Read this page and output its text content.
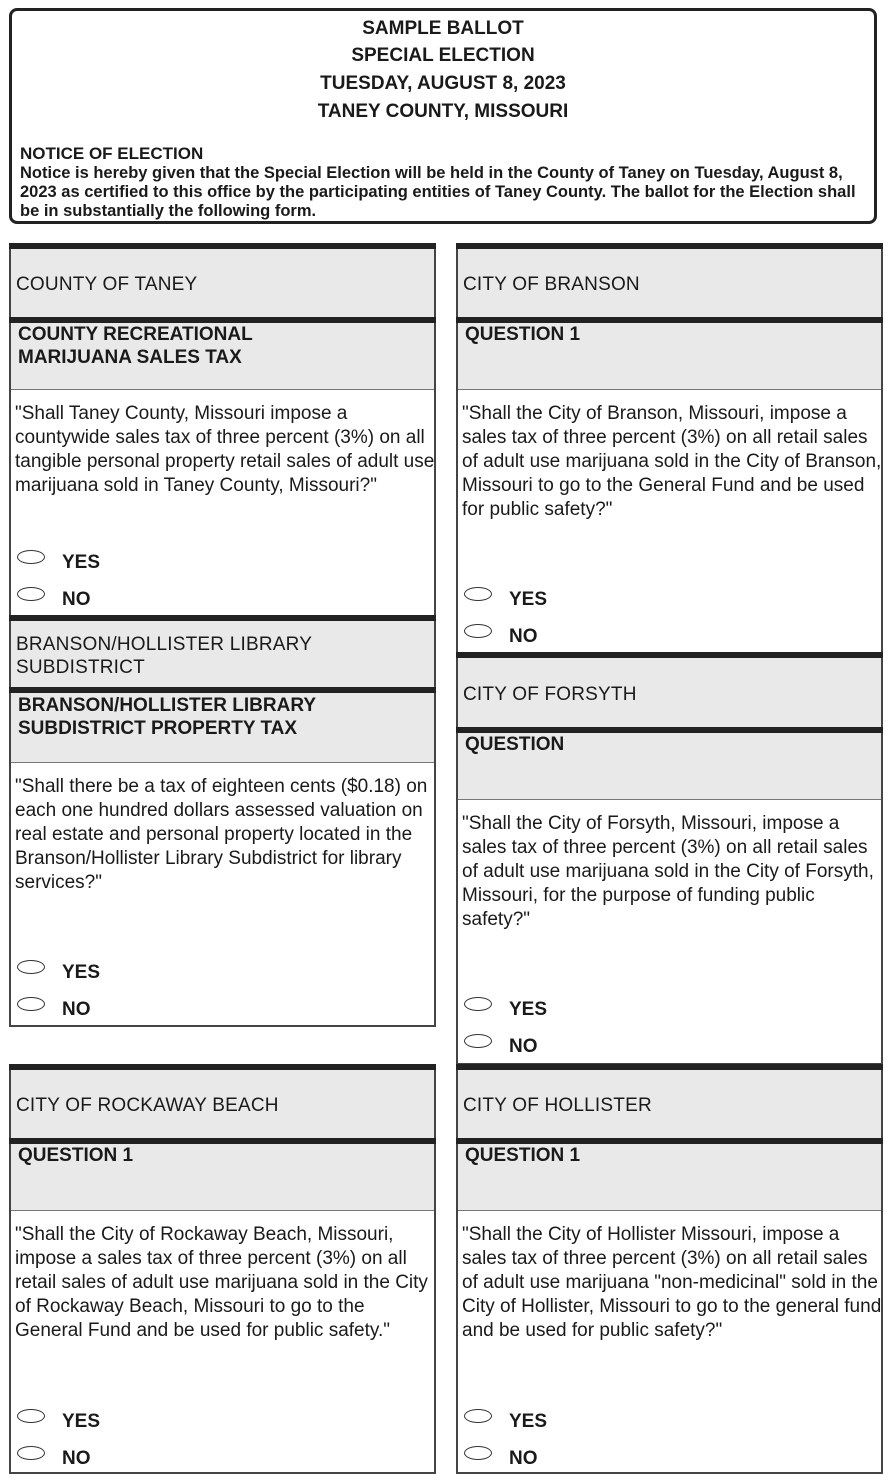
SAMPLE BALLOT
SPECIAL ELECTION
TUESDAY, AUGUST 8, 2023
TANEY COUNTY, MISSOURI
NOTICE OF ELECTION
Notice is hereby given that the Special Election will be held in the County of Taney on Tuesday, August 8, 2023 as certified to this office by the participating entities of Taney County. The ballot for the Election shall be in substantially the following form.
COUNTY OF TANEY
COUNTY RECREATIONAL MARIJUANA SALES TAX
"Shall Taney County, Missouri impose a countywide sales tax of three percent (3%) on all tangible personal property retail sales of adult use marijuana sold in Taney County, Missouri?"
YES
NO
BRANSON/HOLLISTER LIBRARY SUBDISTRICT
BRANSON/HOLLISTER LIBRARY SUBDISTRICT PROPERTY TAX
"Shall there be a tax of eighteen cents ($0.18) on each one hundred dollars assessed valuation on real estate and personal property located in the Branson/Hollister Library Subdistrict for library services?"
YES
NO
CITY OF BRANSON
QUESTION 1
"Shall the City of Branson, Missouri, impose a sales tax of three percent (3%) on all retail sales of adult use marijuana sold in the City of Branson, Missouri to go to the General Fund and be used for public safety?"
YES
NO
CITY OF FORSYTH
QUESTION
"Shall the City of Forsyth, Missouri, impose a sales tax of three percent (3%) on all retail sales of adult use marijuana sold in the City of Forsyth, Missouri, for the purpose of funding public safety?"
YES
NO
CITY OF ROCKAWAY BEACH
QUESTION 1
"Shall the City of Rockaway Beach, Missouri, impose a sales tax of three percent (3%) on all retail sales of adult use marijuana sold in the City of Rockaway Beach, Missouri to go to the General Fund and be used for public safety."
YES
NO
CITY OF HOLLISTER
QUESTION 1
"Shall the City of Hollister Missouri, impose a sales tax of three percent (3%) on all retail sales of adult use marijuana "non-medicinal" sold in the City of Hollister, Missouri to go to the general fund and be used for public safety?"
YES
NO
